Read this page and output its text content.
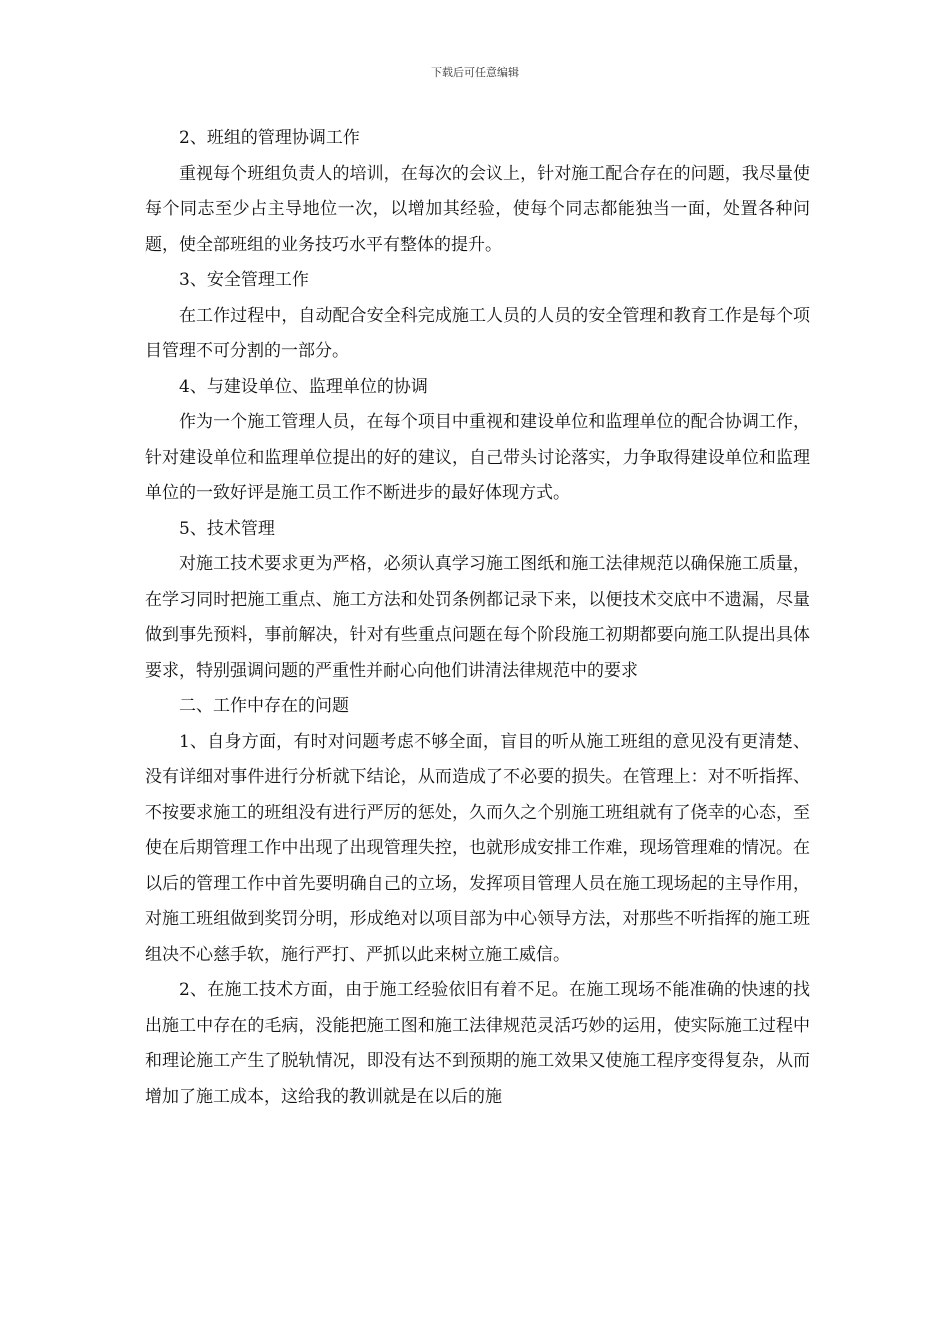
下载后可任意编辑

2、班组的管理协调工作

重视每个班组负责人的培训，在每次的会议上，针对施工配合存在的问题，我尽量使每个同志至少占主导地位一次，以增加其经验，使每个同志都能独当一面，处置各种问题，使全部班组的业务技巧水平有整体的提升。

3、安全管理工作

在工作过程中，自动配合安全科完成施工人员的人员的安全管理和教育工作是每个项目管理不可分割的一部分。

4、与建设单位、监理单位的协调

作为一个施工管理人员，在每个项目中重视和建设单位和监理单位的配合协调工作，针对建设单位和监理单位提出的好的建议，自己带头讨论落实，力争取得建设单位和监理单位的一致好评是施工员工作不断进步的最好体现方式。

5、技术管理

对施工技术要求更为严格，必须认真学习施工图纸和施工法律规范以确保施工质量，在学习同时把施工重点、施工方法和处罚条例都记录下来，以便技术交底中不遗漏，尽量做到事先预料，事前解决，针对有些重点问题在每个阶段施工初期都要向施工队提出具体要求，特别强调问题的严重性并耐心向他们讲清法律规范中的要求

二、工作中存在的问题

1、自身方面，有时对问题考虑不够全面，盲目的听从施工班组的意见没有更清楚、没有详细对事件进行分析就下结论，从而造成了不必要的损失。在管理上：对不听指挥、不按要求施工的班组没有进行严厉的惩处，久而久之个别施工班组就有了侥幸的心态，至使在后期管理工作中出现了出现管理失控，也就形成安排工作难，现场管理难的情况。在以后的管理工作中首先要明确自己的立场，发挥项目管理人员在施工现场起的主导作用，对施工班组做到奖罚分明，形成绝对以项目部为中心领导方法，对那些不听指挥的施工班组决不心慈手软，施行严打、严抓以此来树立施工威信。

2、在施工技术方面，由于施工经验依旧有着不足。在施工现场不能准确的快速的找出施工中存在的毛病，没能把施工图和施工法律规范灵活巧妙的运用，使实际施工过程中和理论施工产生了脱轨情况，即没有达不到预期的施工效果又使施工程序变得复杂，从而增加了施工成本，这给我的教训就是在以后的施
